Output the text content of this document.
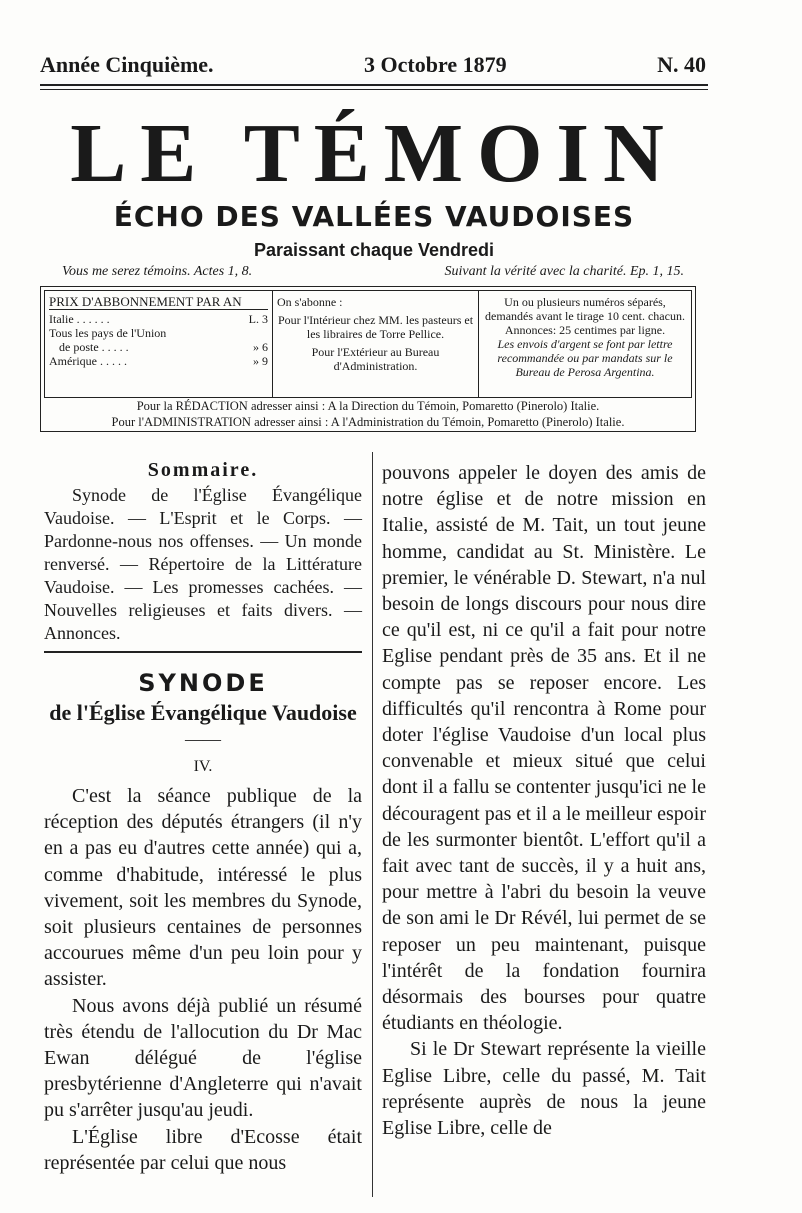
Année Cinquième.	3 Octobre 1879	N. 40
LE TÉMOIN
ÉCHO DES VALLÉES VAUDOISES
Paraissant chaque Vendredi
Vous me serez témoins. Actes 1, 8.	Suivant la vérité avec la charité. Ep. 1, 15.
PRIX D'ABBONNEMENT PAR AN
Italie . . . . . .	L. 3
Tous les pays de l'Union
de poste . . . . .	» 6
Amérique . . . . .	» 9
On s'abonne :
Pour l'Intérieur chez MM. les pasteurs et les libraires de Torre Pellice.
Pour l'Extérieur au Bureau d'Administration.
Un ou plusieurs numéros séparés, demandés avant le tirage 10 cent. chacun.
Annonces: 25 centimes par ligne.
Les envois d'argent se font par lettre recommandée ou par mandats sur le Bureau de Perosa Argentina.
Pour la RÉDACTION adresser ainsi : A la Direction du Témoin, Pomaretto (Pinerolo) Italie.
Pour l'ADMINISTRATION adresser ainsi : A l'Administration du Témoin, Pomaretto (Pinerolo) Italie.
Sommaire.

Synode de l'Église Évangélique Vaudoise. — L'Esprit et le Corps. — Pardonne-nous nos offenses. — Un monde renversé. — Répertoire de la Littérature Vaudoise. — Les promesses cachées. — Nouvelles religieuses et faits divers. — Annonces.

SYNODE
de l'Église Évangélique Vaudoise
——
IV.

C'est la séance publique de la réception des députés étrangers (il n'y en a pas eu d'autres cette année) qui a, comme d'habitude, intéressé le plus vivement, soit les membres du Synode, soit plusieurs centaines de personnes accourues même d'un peu loin pour y assister.

Nous avons déjà publié un résumé très étendu de l'allocution du Dr Mac Ewan délégué de l'église presbytérienne d'Angleterre qui n'avait pu s'arrêter jusqu'au jeudi.

L'Église libre d'Ecosse était représentée par celui que nous

pouvons appeler le doyen des amis de notre église et de notre mission en Italie, assisté de M. Tait, un tout jeune homme, candidat au St. Ministère. Le premier, le vénérable D. Stewart, n'a nul besoin de longs discours pour nous dire ce qu'il est, ni ce qu'il a fait pour notre Eglise pendant près de 35 ans. Et il ne compte pas se reposer encore. Les difficultés qu'il rencontra à Rome pour doter l'église Vaudoise d'un local plus convenable et mieux situé que celui dont il a fallu se contenter jusqu'ici ne le découragent pas et il a le meilleur espoir de les surmonter bientôt. L'effort qu'il a fait avec tant de succès, il y a huit ans, pour mettre à l'abri du besoin la veuve de son ami le Dr Révél, lui permet de se reposer un peu maintenant, puisque l'intérêt de la fondation fournira désormais des bourses pour quatre étudiants en théologie.

Si le Dr Stewart représente la vieille Eglise Libre, celle du passé, M. Tait représente auprès de nous la jeune Eglise Libre, celle de
